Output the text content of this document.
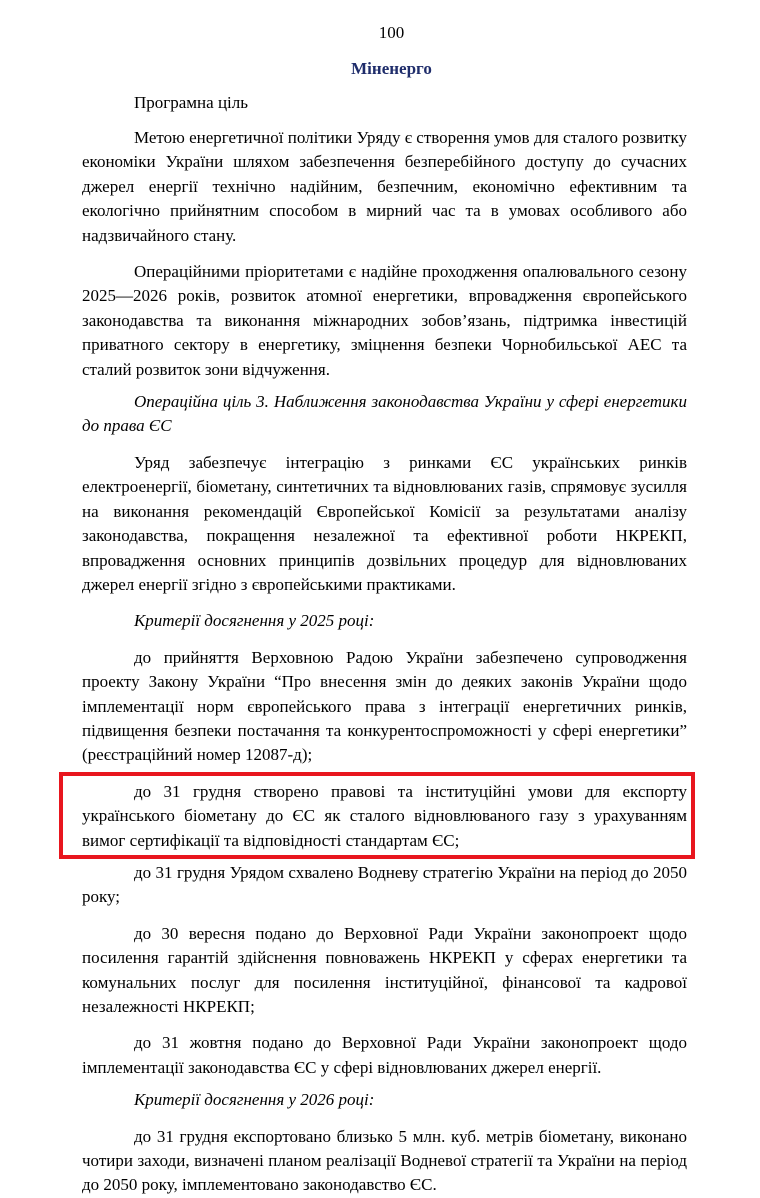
100
Міненерго
Програмна ціль

Метою енергетичної політики Уряду є створення умов для сталого розвитку економіки України шляхом забезпечення безперебійного доступу до сучасних джерел енергії технічно надійним, безпечним, економічно ефективним та екологічно прийнятним способом в мирний час та в умовах особливого або надзвичайного стану.

Операційними пріоритетами є надійне проходження опалювального сезону 2025—2026 років, розвиток атомної енергетики, впровадження європейського законодавства та виконання міжнародних зобов’язань, підтримка інвестицій приватного сектору в енергетику, зміцнення безпеки Чорнобильської АЕС та сталий розвиток зони відчуження.

Операційна ціль 3. Наближення законодавства України у сфері енергетики до права ЄС

Уряд забезпечує інтеграцію з ринками ЄС українських ринків електроенергії, біометану, синтетичних та відновлюваних газів, спрямовує зусилля на виконання рекомендацій Європейської Комісії за результатами аналізу законодавства, покращення незалежної та ефективної роботи НКРЕКП, впровадження основних принципів дозвільних процедур для відновлюваних джерел енергії згідно з європейськими практиками.

Критерії досягнення у 2025 році:

до прийняття Верховною Радою України забезпечено супроводження проекту Закону України “Про внесення змін до деяких законів України щодо імплементації норм європейського права з інтеграції енергетичних ринків, підвищення безпеки постачання та конкурентоспроможності у сфері енергетики” (реєстраційний номер 12087-д);

до 31 грудня створено правові та інституційні умови для експорту українського біометану до ЄС як сталого відновлюваного газу з урахуванням вимог сертифікації та відповідності стандартам ЄС;

до 31 грудня Урядом схвалено Водневу стратегію України на період до 2050 року;

до 30 вересня подано до Верховної Ради України законопроект щодо посилення гарантій здійснення повноважень НКРЕКП у сферах енергетики та комунальних послуг для посилення інституційної, фінансової та кадрової незалежності НКРЕКП;

до 31 жовтня подано до Верховної Ради України законопроект щодо імплементації законодавства ЄС у сфері відновлюваних джерел енергії.

Критерії досягнення у 2026 році:

до 31 грудня експортовано близько 5 млн. куб. метрів біометану, виконано чотири заходи, визначені планом реалізації Водневої стратегії та України на період до 2050 року, імплементовано законодавство ЄС.
